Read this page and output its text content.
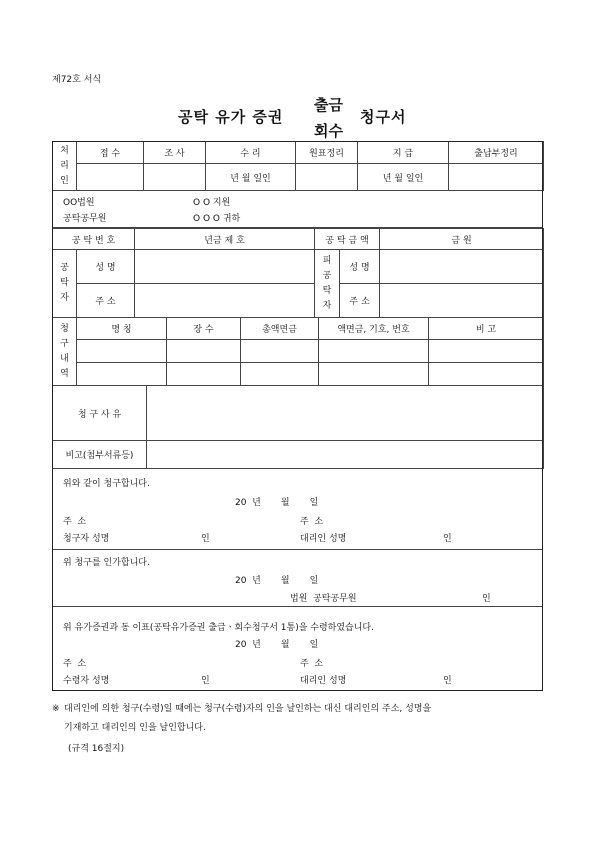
제72호 서식
공탁 유가 증권
출금
회수
청구서
처리인	접 수	조 사	수 리	원표정리	지 급	출납부정리
			년 월 일인		년 월 일인	
OO법원	O O 지원
공탁공무원	O O O 귀하
공 탁 번 호		년금 제 호	공 탁 금 액		금 원
공탁자	성 명		피공탁자	성 명	
	주 소			주 소	
청구내역	명 칭	장 수	총액면금	액면금, 기호, 번호	비 고

청 구 사 유	
비고(첨부서류등)	
위와 같이 청구합니다.
20  년       월       일
주  소	주  소
청구자 성명	인	대리인 성명	인
위 청구를 인가합니다.
20  년       월       일
법원  공탁공무원	인
위 유가증권과 동 이표(공탁유가증권 출급ㆍ회수청구서 1통)을 수령하였습니다.
20  년       월       일
주  소	주  소
수령자 성명	인	대리인 성명	인
※ 대리인에 의한 청구(수령)일 때에는 청구(수령)자의 인을 날인하는 대신 대리인의 주소, 성명을
기재하고 대리인의 인을 날인합니다.
(규격 16절지)
